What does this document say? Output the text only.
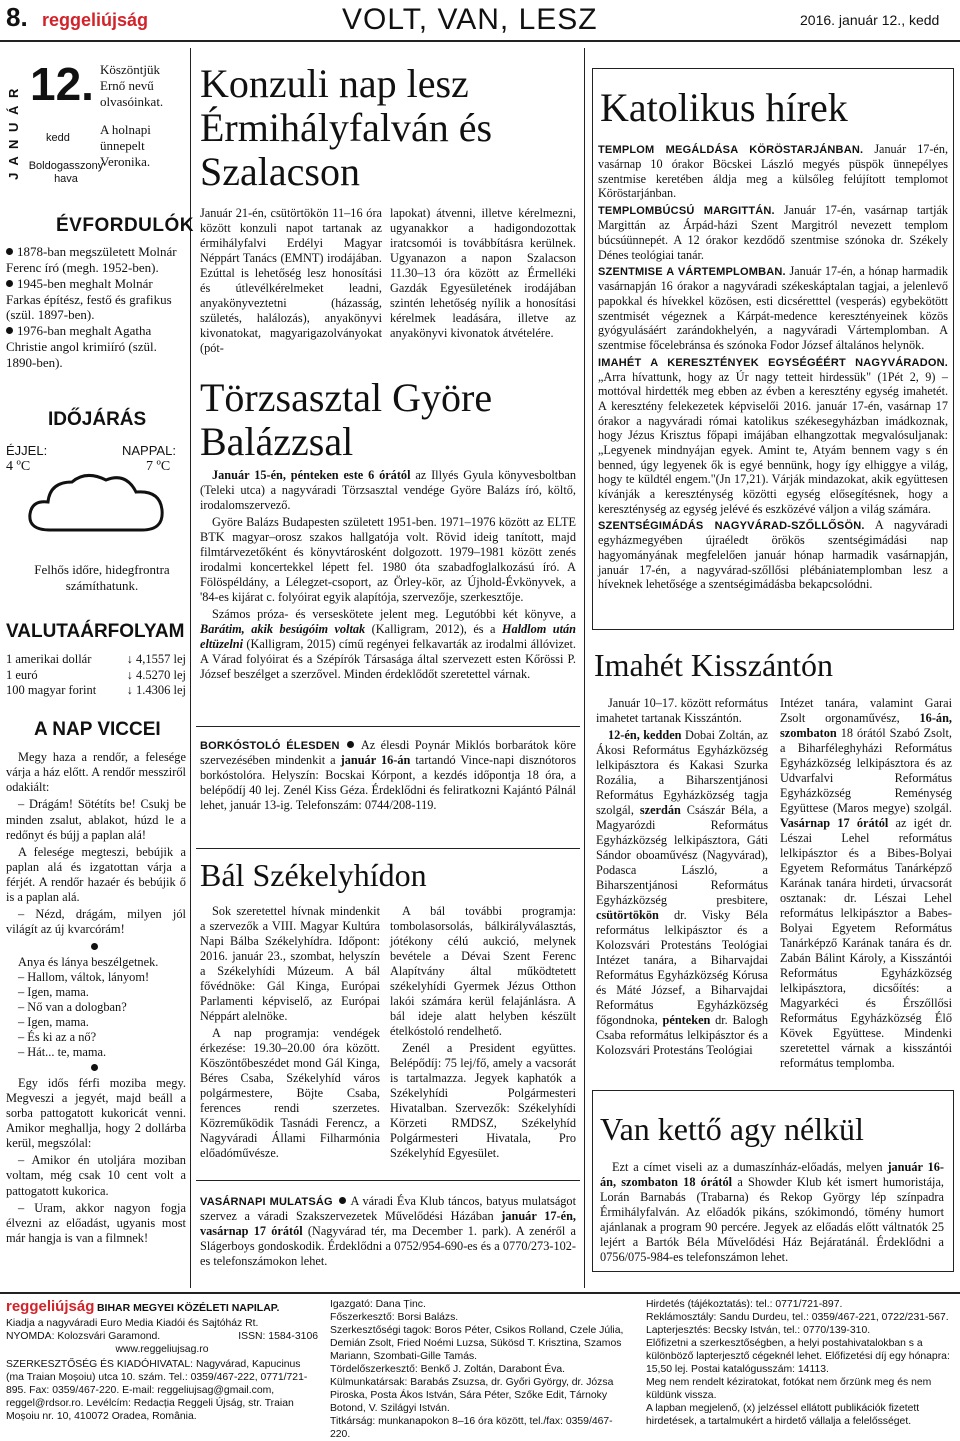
8. reggeliújság	VOLT, VAN, LESZ	2016. január 12., kedd
J A N U Á R
12.
kedd
Boldogasszony hava
Köszöntjük Ernő nevű olvasóinkat.
A holnapi ünnepelt Veronika.
ÉVFORDULÓK
1878-ban megszületett Molnár Ferenc író (megh. 1952-ben).
1945-ben meghalt Molnár Farkas építész, festő és grafikus (szül. 1897-ben).
1976-ban meghalt Agatha Christie angol krimiíró (szül. 1890-ben).
IDŐJÁRÁS
ÉJJEL:
4 ºC
NAPPAL:
7 ºC
Felhős időre, hidegfrontra számíthatunk.
VALUTAÁRFOLYAM
1 amerikai dollár	↓ 4,1557 lej
1 euró	↓ 4.5270 lej
100 magyar forint ↓ 1.4306 lej
A NAP VICCEI

Megy haza a rendőr, a felesége várja a ház előtt. A rendőr messziről odakiált:

– Drágám! Sötétíts be! Csukj be minden zsalut, ablakot, húzd le a redőnyt és bújj a paplan alá!

A felesége megteszi, bebújik a paplan alá és izgatottan várja a férjét. A rendőr hazaér és bebújik ő is a paplan alá.

– Nézd, drágám, milyen jól világít az új kvarcórám!

Anya és lánya beszélgetnek.

– Hallom, váltok, lányom!

– Igen, mama.

– Nő van a dologban?

– Igen, mama.

– És ki az a nő?

– Hát... te, mama.

Egy idős férfi moziba megy. Megveszi a jegyét, majd beáll a sorba pattogatott kukoricát venni. Amikor meghallja, hogy 2 dollárba kerül, megszólal:

– Amikor én utoljára moziban voltam, még csak 10 cent volt a pattogatott kukorica.

– Uram, akkor nagyon fogja élvezni az előadást, ugyanis most már hangja is van a filmnek!

Konzuli nap lesz Érmihályfalván és Szalacson
Január 21-én, csütörtökön 11–16 óra között konzuli napot tartanak az érmihályfalvi Erdélyi Magyar Néppárt Tanács (EMNT) irodájában. Ezúttal is lehetőség lesz honosítási és útlevélkérelmeket leadni, anyakönyveztetni (házasság, születés, halálozás), anyakönyvi kivonatokat, magyarigazolványokat (pót-
lapokat) átvenni, illetve kérelmezni, ugyanakkor a hadigondozottak iratcsomói is továbbításra kerülnek. Ugyanazon a napon Szalacson 11.30–13 óra között az Érmelléki Gazdák Egyesületének irodájában szintén lehetőség nyílik a honosítási kérelmek leadására, illetve az anyakönyvi kivonatok átvételére.
Törzsasztal Györe Balázzsal

Január 15-én, pénteken este 6 órától az Illyés Gyula könyvesboltban (Teleki utca) a nagyváradi Törzsasztal vendége Györe Balázs író, költő, irodalomszervező.

Györe Balázs Budapesten született 1951-ben. 1971–1976 között az ELTE BTK magyar–orosz szakos hallgatója volt. Rövid ideig tanított, majd filmtárvezetőként és könyvtárosként dolgozott. 1979–1981 között zenés irodalmi koncertekkel lépett fel. 1980 óta szabadfoglalkozású író. A Fölöspéldány, a Lélegzet-csoport, az Örley-kör, az Újhold-Évkönyvek, a '84-es kijárat c. folyóirat egyik alapítója, szervezője, szerkesztője.

Számos próza- és verseskötete jelent meg. Legutóbbi két könyve, a Barátim, akik besúgóim voltak (Kalligram, 2012), és a Haldlom után eltüzelni (Kalligram, 2015) című regényei felkavarták az irodalmi állóvizet. A Várad folyóirat és a Szépírók Társasága által szervezett esten Kőrössi P. József beszélget a szerzővel. Minden érdeklődőt szeretettel várnak.

BORKÓSTOLÓ ÉLESDEN  Az élesdi Poynár Miklós borbarátok köre szervezésében mindenkit a január 16-án tartandó Vince-napi disznótoros borkóstolóra. Helyszín: Bocskai Kórpont, a kezdés időpontja 18 óra, a belépődíj 40 lej. Zenél Kiss Géza. Érdeklődni és feliratkozni Kajántó Pálnál lehet, január 13-ig. Telefonszám: 0744/208-119.

Bál Székelyhídon

Sok szeretettel hívnak mindenkit a szervezők a VIII. Magyar Kultúra Napi Bálba Székelyhídra. Időpont: 2016. január 23., szombat, helyszín a Székelyhídi Múzeum. A bál fővédnöke: Gál Kinga, Európai Parlamenti képviselő, az Európai Néppárt alelnöke.

A nap programja: vendégek érkezése: 19.30–20.00 óra között. Köszöntőbeszédet mond Gál Kinga, Béres Csaba, Székelyhíd város polgármestere, Böjte Csaba, ferences rendi szerzetes. Közreműködik Tasnádi Ferencz, a Nagyváradi Állami Filharmónia előadóművésze.

A bál további programja: tombolasorsolás, bálkirályválasztás, jótékony célú aukció, melynek bevétele a Dévai Szent Ferenc Alapítvány által működtetett székelyhídi Gyermek Jézus Otthon lakói számára kerül felajánlásra. A bál ideje alatt helyben készült ételkóstoló rendelhető.

Zenél a President együttes. Belépődíj: 75 lej/fő, amely a vacsorát is tartalmazza. Jegyek kaphatók a Székelyhídi Polgármesteri Hivatalban. Szervezők: Székelyhídi Körzeti RMDSZ, Székelyhíd Polgármesteri Hivatala, Pro Székelyhíd Egyesület.

VASÁRNAPI MULATSÁG  A váradi Éva Klub táncos, batyus mulatságot szervez a váradi Szakszervezetek Művelődési Házában január 17-én, vasárnap 17 órától (Nagyvárad tér, ma December 1. park). A zenéről a Slágerboys gondoskodik. Érdeklődni a 0752/954-690-es és a 0770/273-102-es telefonszámokon lehet.

Katolikus hírek

TEMPLOM MEGÁLDÁSA KÖRÖSTARJÁNBAN. Január 17-én, vasárnap 10 órakor Böcskei László megyés püspök ünnepélyes szentmise keretében áldja meg a külsőleg felújított templomot Köröstarjánban.

TEMPLOMBÚCSÚ MARGITTÁN. Január 17-én, vasárnap tartják Margittán az Árpád-házi Szent Margitról nevezett templom búcsúünnepét. A 12 órakor kezdődő szentmise szónoka dr. Székely Dénes teológiai tanár.

SZENTMISE A VÁRTEMPLOMBAN. Január 17-én, a hónap harmadik vasárnapján 16 órakor a nagyváradi székeskáptalan tagjai, a jelenlevő papokkal és hívekkel közösen, esti dicséretttel (vesperás) egybekötött szentmisét végeznek a Kárpát-medence keresztényeinek közös gyógyulásáért zarándokhelyén, a nagyváradi Vártemplomban. A szentmise főcelebránsa és szónoka Fodor József általános helynök.

IMAHÉT A KERESZTÉNYEK EGYSÉGÉÉRT NAGYVÁRADON. „Arra hívattunk, hogy az Úr nagy tetteit hirdessük" (1Pét 2, 9) – mottóval hirdették meg ebben az évben a keresztény egység imahetét. A keresztény felekezetek képviselői 2016. január 17-én, vasárnap 17 órakor a nagyváradi római katolikus székesegyházban imádkoznak, hogy Jézus Krisztus főpapi imájában elhangzottak megvalósuljanak: „Legyenek mindnyájan egyek. Amint te, Atyám bennem vagy s én benned, úgy legyenek ők is egyé bennünk, hogy így elhiggye a világ, hogy te küldtél engem."(Jn 17,21). Várják mindazokat, akik együttesen kívánják a kereszténység közötti egység elősegítésnek, hogy a kereszténység az egység jelévé és eszközévé váljon a világ számára.

SZENTSÉGIMÁDÁS NAGYVÁRAD-SZŐLLŐSÖN. A nagyváradi egyházmegyében újraéledt örökös szentségimádási nap hagyományának megfelelően január hónap harmadik vasárnapján, január 17-én, a nagyvárad-szőllősi plébániatemplomban lesz a híveknek lehetősége a szentségimádásba bekapcsolódni.

Imahét Kisszántón

Január 10–17. között református imahetet tartanak Kisszántón.

12-én, kedden Dobai Zoltán, az Ákosi Református Egyházközség lelkipásztora és Kakasi Szurka Rozália, a Biharszentjánosi Református Egyházközség tagja szolgál, szerdán Császár Béla, a Magyarózdi Református Egyházközség lelkipásztora, Gáti Sándor oboaművész (Nagyvárad), Podasca László, a Biharszentjánosi Református Egyházközség presbitere, csütörtökön dr. Visky Béla református lelkipásztor és a Kolozsvári Protestáns Teológiai Intézet tanára, a Biharvajdai Református Egyházközség Kórusa és Máté József, a Biharvajdai Református Egyházközség főgondnoka, pénteken dr. Balogh Csaba református lelkipásztor és a Kolozsvári Protestáns Teológiai

Intézet tanára, valamint Garai Zsolt orgonaművész, 16-án, szombaton 18 órától Szabó Zsolt, a Biharféleghyházi Református Egyházközség lelkipásztora és az Udvarfalvi Református Egyházközség Reménység Együttese (Maros megye) szolgál. Vasárnap 17 órától az igét dr. Lészai Lehel református lelkipásztor és a Bibes-Bolyai Egyetem Református Tanárképző Karának tanára hirdeti, úrvacsorát osztanak: dr. Lészai Lehel református lelkipásztor a Babes-Bolyai Egyetem Református Tanárképző Karának tanára és dr. Zabán Bálint Károly, a Kisszántói Református Egyházközség lelkipásztora, dicsőítés: a Magyarkéci és Érszőllősi Református Egyházközség Élő Kövek Együttese. Mindenki szeretettel várnak a kisszántói református templomba.

Van kettő agy nélkül

Ezt a címet viseli az a dumaszínház-előadás, melyen január 16-án, szombaton 18 órától a Showder Klub két ismert humoristája, Lorán Barnabás (Trabarna) és Rekop György lép színpadra Érmihályfalván. Az előadók pikáns, szókimondó, tömény humort ajánlanak a program 90 percére. Jegyek az előadás előtt váltnatók 25 lejért a Bartók Béla Művelődési Ház Bejáratánál. Érdeklődni a 0756/075-984-es telefonszámon lehet.

reggeliújság BIHAR MEGYEI KÖZÉLETI NAPILAP.
Kiadja a nagyváradi Euro Media Kiadói és Sajtóház Rt.
NYOMDA: Kolozsvári Garamond.	ISSN: 1584-3106
www.reggeliujsag.ro
SZERKESZTŐSÉG ÉS KIADÓHIVATAL: Nagyvárad, Kapucinus (ma Traian Moșoiu) utca 10. szám. Tel.: 0359/467-222, 0771/721-895. Fax: 0359/467-220. E-mail: reggeliujsag@gmail.com, reggel@rdsor.ro. Levélcím: Redacția Reggeli Újság, str. Traian Moșoiu nr. 10, 410072 Oradea, România.
Igazgató: Dana Ținc.
Főszerkesztő: Borsi Balázs.
Szerkesztőségi tagok: Boros Péter, Csikos Rolland, Czele Júlia, Demián Zsolt, Fried Noémi Luzsa, Sükösd T. Krisztina, Szamos Mariann, Szombati-Gille Tamás.
Tördelőszerkesztő: Benkő J. Zoltán, Darabont Éva.
Külmunkatársak: Barabás Zsuzsa, dr. Győri György, dr. Józsa Piroska, Posta Ákos István, Sára Péter, Szőke Edit, Tárnoky Botond, V. Szilágyi István.
Titkárság: munkanapokon 8–16 óra között, tel./fax: 0359/467-220.
Hirdetés (tájékoztatás): tel.: 0771/721-897.
Reklámosztály: Sandu Durdeu, tel.: 0359/467-221, 0722/231-567.
Lapterjesztés: Becsky István, tel.: 0770/139-310.
Előfizetni a szerkesztőségben, a helyi postahivatalokban s a különböző lapterjesztő cégeknél lehet. Előfizetési díj egy hónapra: 15,50 lej. Postai katalógusszám: 14113.
Meg nem rendelt kéziratokat, fotókat nem őrzünk meg és nem küldünk vissza.
A lapban megjelenő, (x) jelzéssel ellátott publikációk fizetett hirdetések, a tartalmukért a hirdető vállalja a felelősséget.
